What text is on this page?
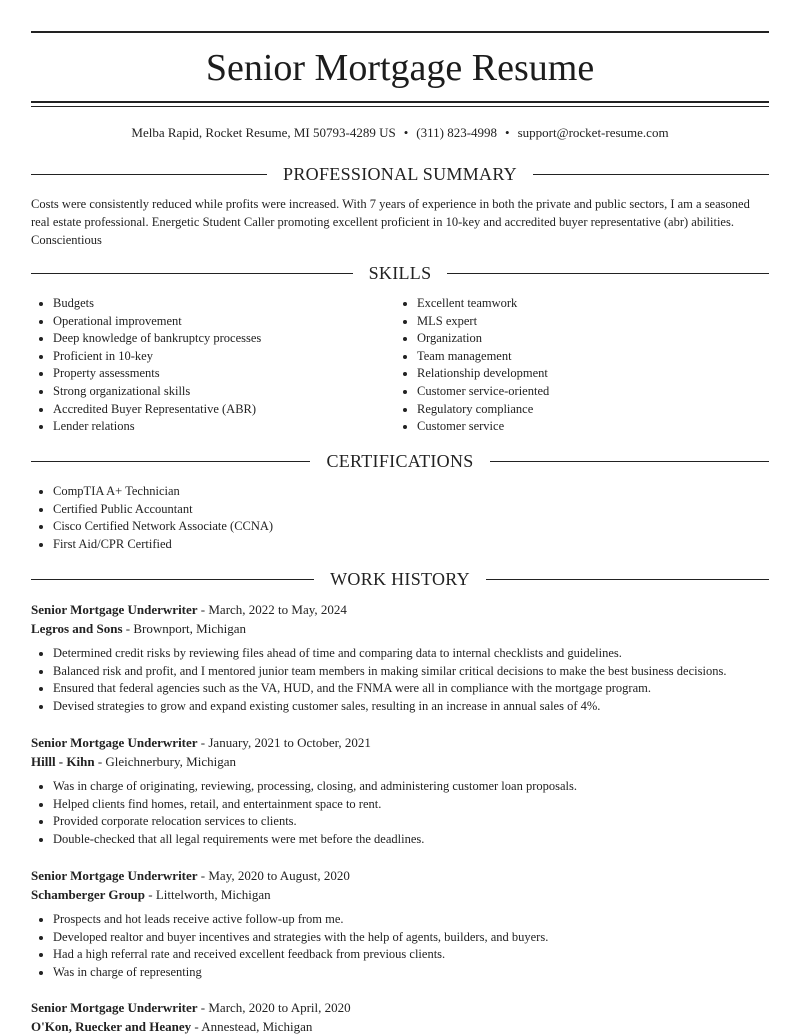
Senior Mortgage Resume
Melba Rapid, Rocket Resume, MI 50793-4289 US • (311) 823-4998 • support@rocket-resume.com
PROFESSIONAL SUMMARY

Costs were consistently reduced while profits were increased. With 7 years of experience in both the private and public sectors, I am a seasoned real estate professional. Energetic Student Caller promoting excellent proficient in 10-key and accredited buyer representative (abr) abilities. Conscientious

SKILLS
• Budgets
• Operational improvement
• Deep knowledge of bankruptcy processes
• Proficient in 10-key
• Property assessments
• Strong organizational skills
• Accredited Buyer Representative (ABR)
• Lender relations
• Excellent teamwork
• MLS expert
• Organization
• Team management
• Relationship development
• Customer service-oriented
• Regulatory compliance
• Customer service
CERTIFICATIONS
• CompTIA A+ Technician
• Certified Public Accountant
• Cisco Certified Network Associate (CCNA)
• First Aid/CPR Certified
WORK HISTORY
Senior Mortgage Underwriter - March, 2022 to May, 2024
Legros and Sons - Brownport, Michigan
• Determined credit risks by reviewing files ahead of time and comparing data to internal checklists and guidelines.
• Balanced risk and profit, and I mentored junior team members in making similar critical decisions to make the best business decisions.
• Ensured that federal agencies such as the VA, HUD, and the FNMA were all in compliance with the mortgage program.
• Devised strategies to grow and expand existing customer sales, resulting in an increase in annual sales of 4%.
Senior Mortgage Underwriter - January, 2021 to October, 2021
Hilll - Kihn - Gleichnerbury, Michigan
• Was in charge of originating, reviewing, processing, closing, and administering customer loan proposals.
• Helped clients find homes, retail, and entertainment space to rent.
• Provided corporate relocation services to clients.
• Double-checked that all legal requirements were met before the deadlines.
Senior Mortgage Underwriter - May, 2020 to August, 2020
Schamberger Group - Littelworth, Michigan
• Prospects and hot leads receive active follow-up from me.
• Developed realtor and buyer incentives and strategies with the help of agents, builders, and buyers.
• Had a high referral rate and received excellent feedback from previous clients.
• Was in charge of representing
Senior Mortgage Underwriter - March, 2020 to April, 2020
O'Kon, Ruecker and Heaney - Annestead, Michigan
